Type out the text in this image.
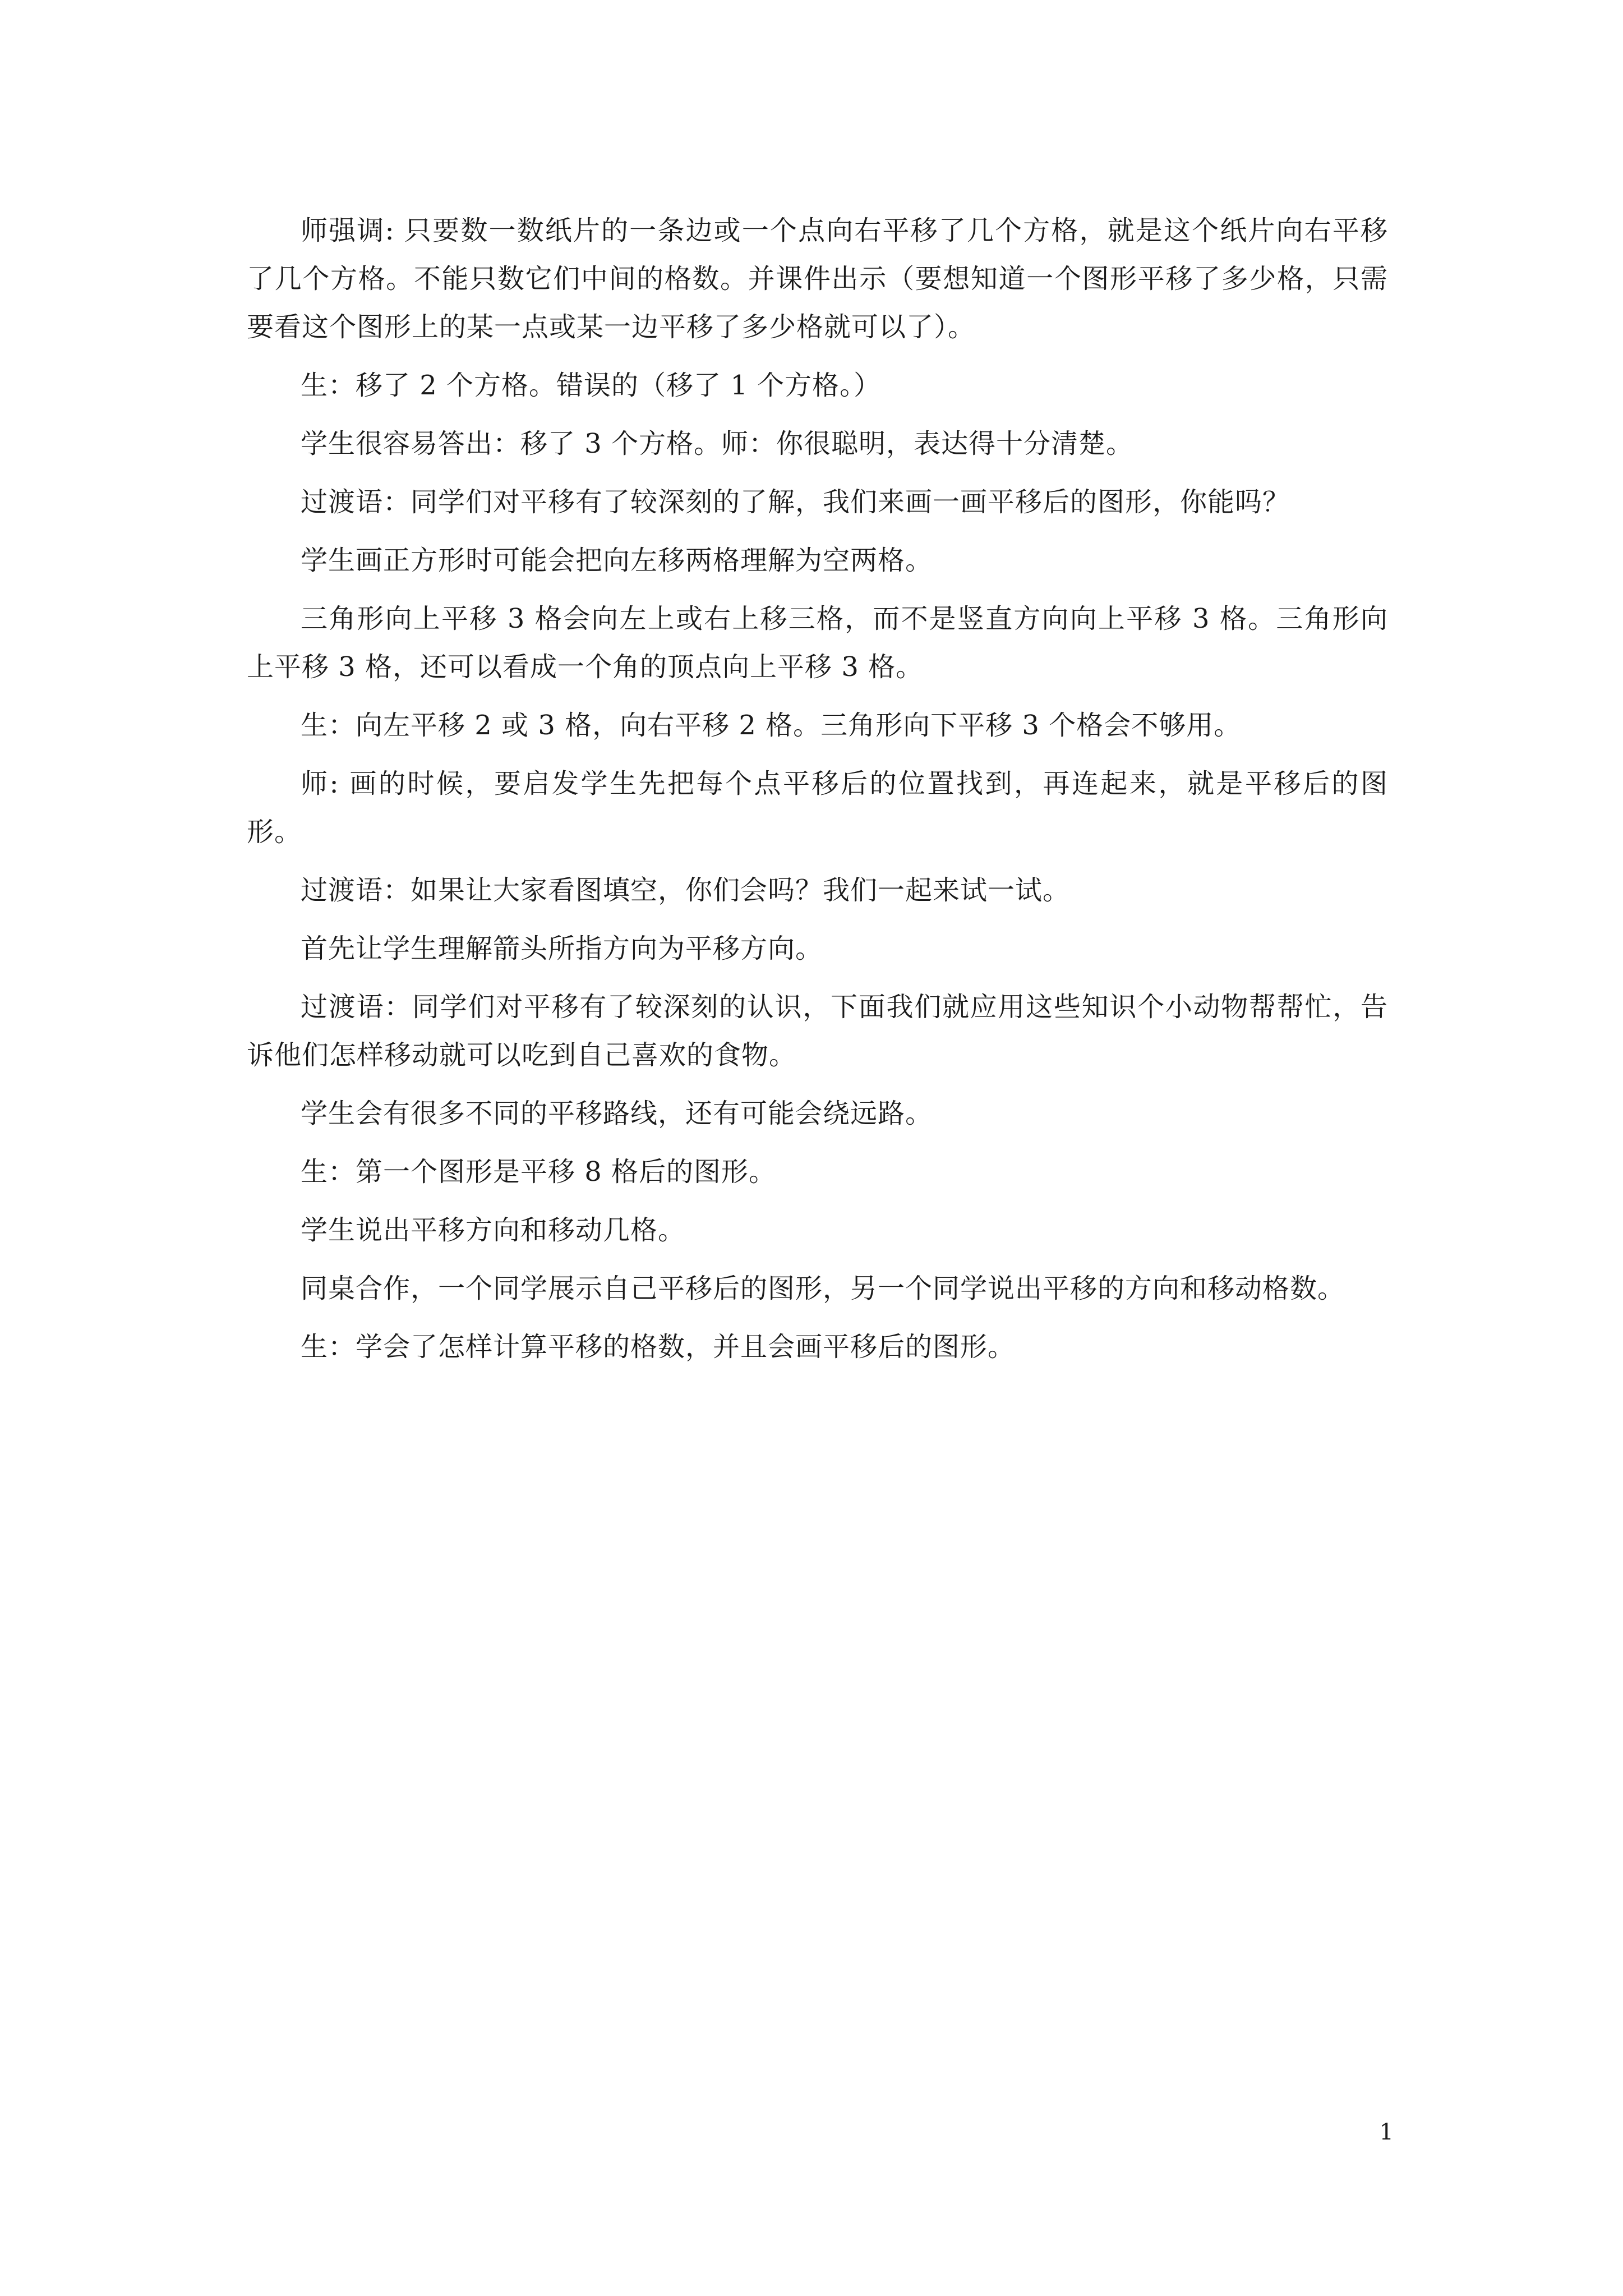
师强调: 只要数一数纸片的一条边或一个点向右平移了几个方格，就是这个纸片向右平移了几个方格。不能只数它们中间的格数。并课件出示（要想知道一个图形平移了多少格，只需要看这个图形上的某一点或某一边平移了多少格就可以了）。

生：移了 2 个方格。错误的（移了 1 个方格。）

学生很容易答出：移了 3 个方格。师：你很聪明，表达得十分清楚。

过渡语：同学们对平移有了较深刻的了解，我们来画一画平移后的图形，你能吗？

学生画正方形时可能会把向左移两格理解为空两格。

三角形向上平移 3 格会向左上或右上移三格，而不是竖直方向向上平移 3 格。三角形向上平移 3 格，还可以看成一个角的顶点向上平移 3 格。

生：向左平移 2 或 3 格，向右平移 2 格。三角形向下平移 3 个格会不够用。

师: 画的时候，要启发学生先把每个点平移后的位置找到，再连起来，就是平移后的图形。

过渡语：如果让大家看图填空，你们会吗？我们一起来试一试。

首先让学生理解箭头所指方向为平移方向。

过渡语：同学们对平移有了较深刻的认识，下面我们就应用这些知识个小动物帮帮忙，告诉他们怎样移动就可以吃到自己喜欢的食物。

学生会有很多不同的平移路线，还有可能会绕远路。

生：第一个图形是平移 8 格后的图形。

学生说出平移方向和移动几格。

同桌合作，一个同学展示自己平移后的图形，另一个同学说出平移的方向和移动格数。

生：学会了怎样计算平移的格数，并且会画平移后的图形。

1
